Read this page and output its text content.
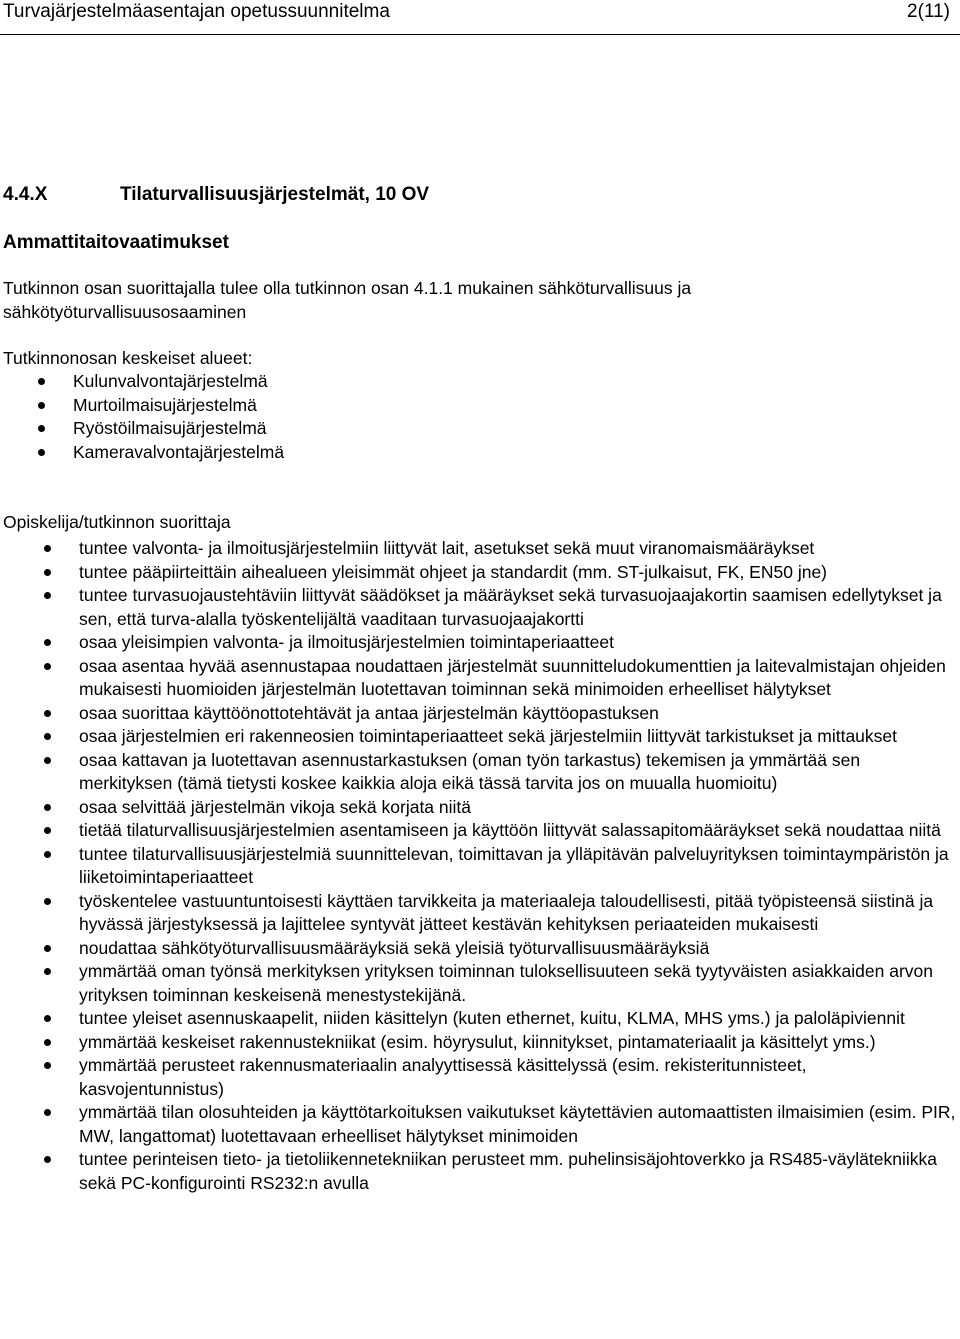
Turvajärjestelmäasentajan opetussuunnitelma	2(11)
4.4.X	Tilaturvallisuusjärjestelmät, 10 OV
Ammattitaitovaatimukset
Tutkinnon osan suorittajalla tulee olla tutkinnon osan 4.1.1 mukainen sähköturvallisuus ja sähkötyöturvallisuusosaaminen
Tutkinnonosan keskeiset alueet:
Kulunvalvontajärjestelmä
Murtoilmaisujärjestelmä
Ryöstöilmaisujärjestelmä
Kameravalvontajärjestelmä
Opiskelija/tutkinnon suorittaja
tuntee valvonta- ja ilmoitusjärjestelmiin liittyvät lait, asetukset sekä muut viranomaismääräykset
tuntee pääpiirteittäin aihealueen yleisimmät ohjeet ja standardit (mm. ST-julkaisut, FK, EN50 jne)
tuntee turvasuojaustehtäviin liittyvät säädökset ja määräykset sekä turvasuojaajakortin saamisen edellytykset ja sen, että turva-alalla työskentelijältä vaaditaan turvasuojaajakortti
osaa yleisimpien valvonta- ja ilmoitusjärjestelmien toimintaperiaatteet
osaa asentaa hyvää asennustapaa noudattaen järjestelmät suunnitteludokumenttien ja laitevalmistajan ohjeiden mukaisesti huomioiden järjestelmän luotettavan toiminnan sekä minimoiden erheelliset hälytykset
osaa suorittaa käyttöönottotehtävät ja antaa järjestelmän käyttöopastuksen
osaa järjestelmien eri rakenneosien toimintaperiaatteet sekä järjestelmiin liittyvät tarkistukset ja mittaukset
osaa kattavan ja luotettavan asennustarkastuksen (oman työn tarkastus) tekemisen ja ymmärtää sen merkityksen (tämä tietysti koskee kaikkia aloja eikä tässä tarvita jos on muualla huomioitu)
osaa selvittää järjestelmän vikoja sekä korjata niitä
tietää tilaturvallisuusjärjestelmien asentamiseen ja käyttöön liittyvät salassapitomääräykset sekä noudattaa niitä
tuntee tilaturvallisuusjärjestelmiä suunnittelevan, toimittavan ja ylläpitävän palveluyrityksen toimintaympäristön ja liiketoimintaperiaatteet
työskentelee vastuuntuntoisesti käyttäen tarvikkeita ja materiaaleja taloudellisesti, pitää työpisteensä siistinä ja hyvässä järjestyksessä ja lajittelee syntyvät jätteet kestävän kehityksen periaateiden mukaisesti
noudattaa sähkötyöturvallisuusmääräyksiä sekä yleisiä työturvallisuusmääräyksiä
ymmärtää oman työnsä merkityksen yrityksen toiminnan tuloksellisuuteen sekä tyytyväisten asiakkaiden arvon yrityksen toiminnan keskeisenä menestystekijänä.
tuntee yleiset asennuskaapelit, niiden käsittelyn (kuten ethernet, kuitu, KLMA, MHS yms.) ja paloläpiviennit
ymmärtää keskeiset rakennustekniikat (esim. höyrysulut, kiinnitykset, pintamateriaalit ja käsittelyt yms.)
ymmärtää perusteet rakennusmateriaalin analyyttisessä käsittelyssä (esim. rekisteritunnisteet, kasvojentunnistus)
ymmärtää tilan olosuhteiden ja käyttötarkoituksen vaikutukset käytettävien automaattisten ilmaisimien (esim. PIR, MW, langattomat) luotettavaan erheelliset hälytykset minimoiden
tuntee perinteisen tieto- ja tietoliikennetekniikan perusteet mm. puhelinsisäjohtoverkko ja RS485-väylätekniikka sekä PC-konfigurointi RS232:n avulla
